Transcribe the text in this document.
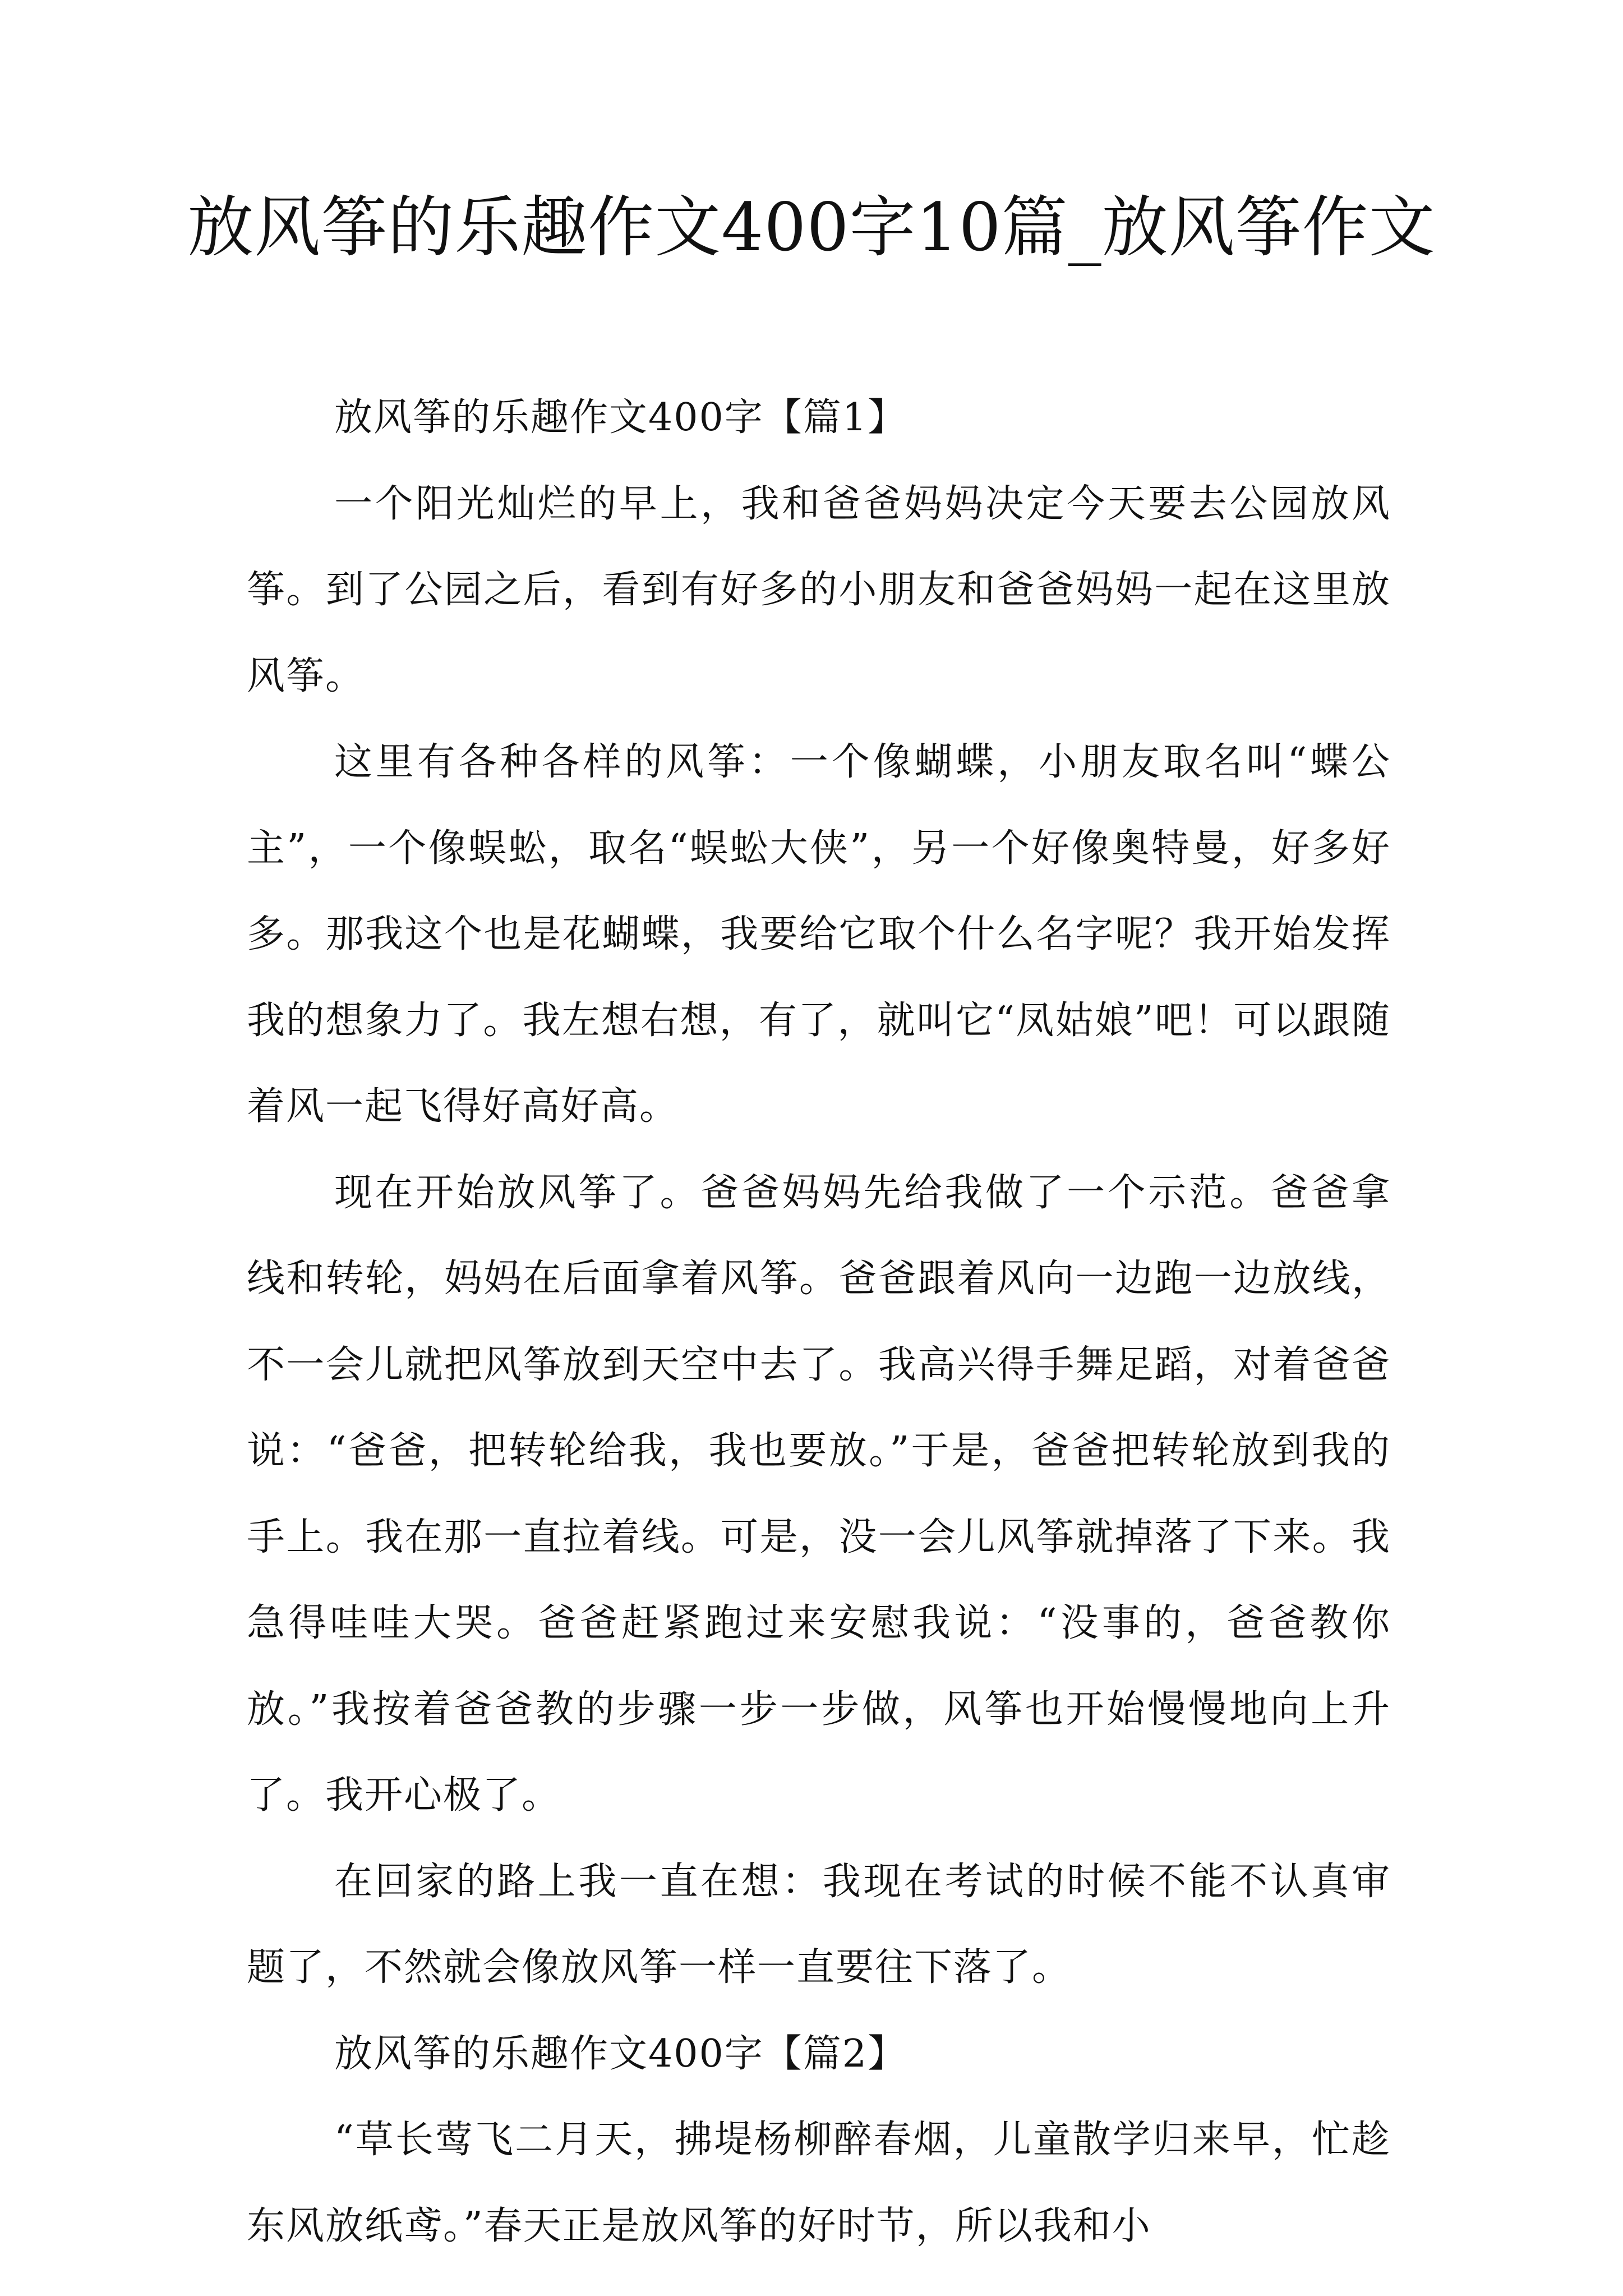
放风筝的乐趣作文400字10篇_放风筝作文

放风筝的乐趣作文400字【篇1】

一个阳光灿烂的早上，我和爸爸妈妈决定今天要去公园放风筝。到了公园之后，看到有好多的小朋友和爸爸妈妈一起在这里放风筝。

这里有各种各样的风筝：一个像蝴蝶，小朋友取名叫“蝶公主”，一个像蜈蚣，取名“蜈蚣大侠”，另一个好像奥特曼，好多好多。那我这个也是花蝴蝶，我要给它取个什么名字呢？我开始发挥我的想象力了。我左想右想，有了，就叫它“凤姑娘”吧！可以跟随着风一起飞得好高好高。

现在开始放风筝了。爸爸妈妈先给我做了一个示范。爸爸拿线和转轮，妈妈在后面拿着风筝。爸爸跟着风向一边跑一边放线，不一会儿就把风筝放到天空中去了。我高兴得手舞足蹈，对着爸爸说：“爸爸，把转轮给我，我也要放。”于是，爸爸把转轮放到我的手上。我在那一直拉着线。可是，没一会儿风筝就掉落了下来。我急得哇哇大哭。爸爸赶紧跑过来安慰我说：“没事的，爸爸教你放。”我按着爸爸教的步骤一步一步做，风筝也开始慢慢地向上升了。我开心极了。

在回家的路上我一直在想：我现在考试的时候不能不认真审题了，不然就会像放风筝一样一直要往下落了。

放风筝的乐趣作文400字【篇2】

“草长莺飞二月天，拂堤杨柳醉春烟，儿童散学归来早，忙趁东风放纸鸢。”春天正是放风筝的好时节，所以我和小
